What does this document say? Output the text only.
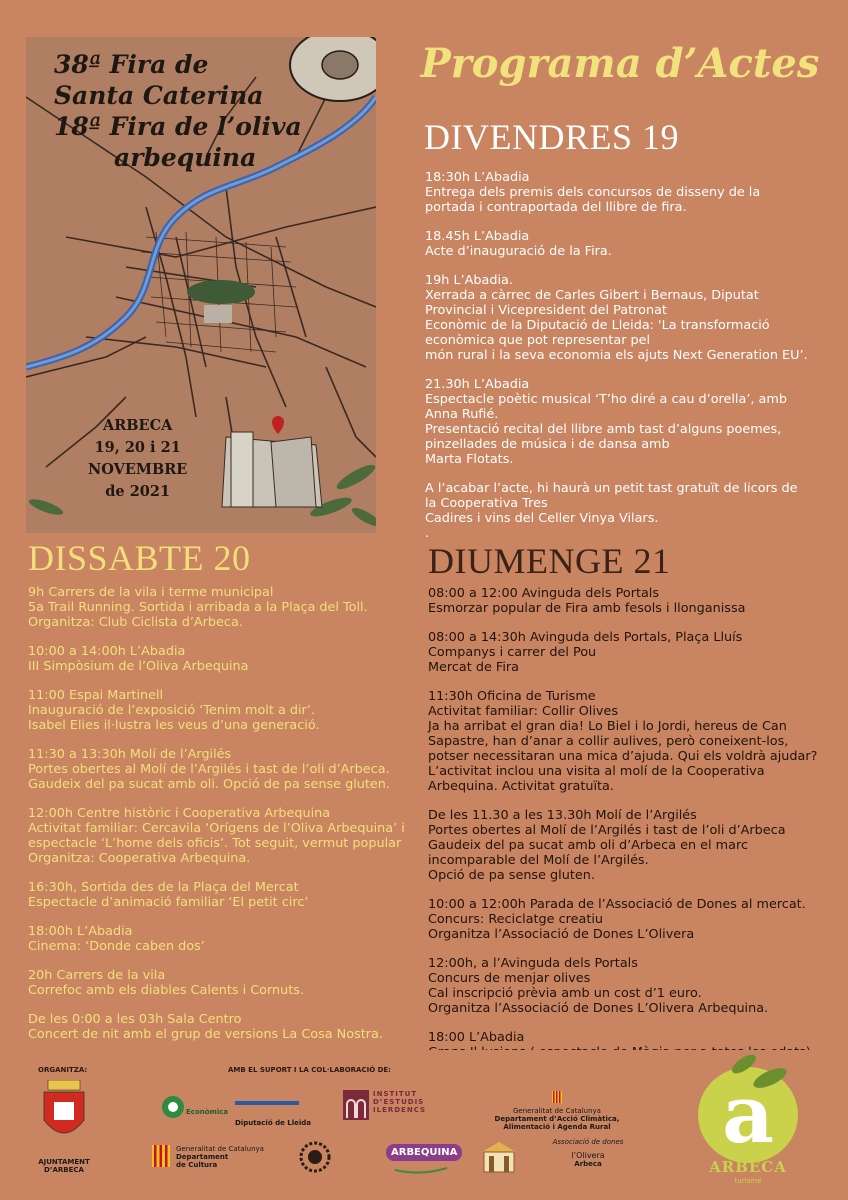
38ª Fira de
Santa Caterina
18ª Fira de l’oliva
arbequina
ARBECA
19, 20 i 21
NOVEMBRE
de 2021
Programa d’Actes
DIVENDRES 19
18:30h L’Abadia
Entrega dels premis dels concursos de disseny de la
portada i contraportada del llibre de fira.
18.45h L’Abadia
Acte d’inauguració de la Fira.
19h L’Abadia.
Xerrada a càrrec de Carles Gibert i Bernaus, Diputat
Provincial i Vicepresident del Patronat
Econòmic de la Diputació de Lleida: 'La transformació
econòmica que pot representar pel
món rural i la seva economia els ajuts Next Generation EU’.
21.30h L’Abadia
Espectacle poètic musical ‘T’ho diré a cau d’orella’, amb
Anna Rufié.
Presentació recital del llibre amb tast d’alguns poemes,
pinzellades de música i de dansa amb
Marta Flotats.
A l’acabar l’acte, hi haurà un petit tast gratuït de licors de
la Cooperativa Tres
Cadires i vins del Celler Vinya Vilars.
.
DISSABTE 20
9h Carrers de la vila i terme municipal
5a Trail Running. Sortida i arribada a la Plaça del Toll.
Organitza: Club Ciclista d’Arbeca.
10:00 a 14:00h L’Abadia
III Simpòsium de l’Oliva Arbequina
11:00 Espai Martinell
Inauguració de l’exposició ‘Tenim molt a dir’.
Isabel Elies il·lustra les veus d’una generació.
11:30 a 13:30h Molí de l’Argilés
Portes obertes al Molí de l’Argilés i tast de l’oli d’Arbeca.
Gaudeix del pa sucat amb oli. Opció de pa sense gluten.
12:00h Centre històric i Cooperativa Arbequina
Activitat familiar: Cercavila ‘Orígens de l’Oliva Arbequina’ i
espectacle ‘L’home dels oficis’. Tot seguit, vermut popular
Organitza: Cooperativa Arbequina.
16:30h, Sortida des de la Plaça del Mercat
Espectacle d’animació familiar ‘El petit circ’
18:00h L’Abadia
Cinema: ‘Donde caben dos’
20h Carrers de la vila
Correfoc amb els diables Calents i Cornuts.
De les 0:00 a les 03h Sala Centro
Concert de nit amb el grup de versions La Cosa Nostra.
DIUMENGE 21
08:00 a 12:00 Avinguda dels Portals
Esmorzar popular de Fira amb fesols i llonganissa
08:00 a 14:30h Avinguda dels Portals, Plaça Lluís
Companys i carrer del Pou
Mercat de Fira
11:30h Oficina de Turisme
Activitat familiar: Collir Olives
Ja ha arribat el gran dia! Lo Biel i lo Jordi, hereus de Can
Sapastre, han d’anar a collir aulives, però coneixent-los,
potser necessitaran una mica d’ajuda. Qui els voldrà ajudar?
L’activitat inclou una visita al molí de la Cooperativa
Arbequina. Activitat gratuïta.
De les 11.30 a les 13.30h Molí de l’Argilés
Portes obertes al Molí de l’Argilés i tast de l’oli d’Arbeca
Gaudeix del pa sucat amb oli d’Arbeca en el marc
incomparable del Molí de l’Argilés.
Opció de pa sense gluten.
10:00 a 12:00h Parada de l’Associació de Dones al mercat.
Concurs: Reciclatge creatiu
Organitza l’Associació de Dones L’Olivera
12:00h, a l’Avinguda dels Portals
Concurs de menjar olives
Cal inscripció prèvia amb un cost d’1 euro.
Organitza l’Associació de Dones L’Olivera Arbequina.
18:00 L’Abadia
ORGANITZA:	AMB EL SUPORT I LA COL·LABORACIÓ DE:
AJUNTAMENT
D’ARBECA
Econòmica
Diputació de Lleida
INSTITUT
D’ESTUDIS
ILERDENCS	Generalitat de Catalunya
Departament d’Acció Climàtica,
Alimentació i Agenda Rural
Generalitat de Catalunya
Departament
de Cultura
ARBEQUINA
Associació de dones
l’Olivera
Arbeca
a
ARBECA
turisme
